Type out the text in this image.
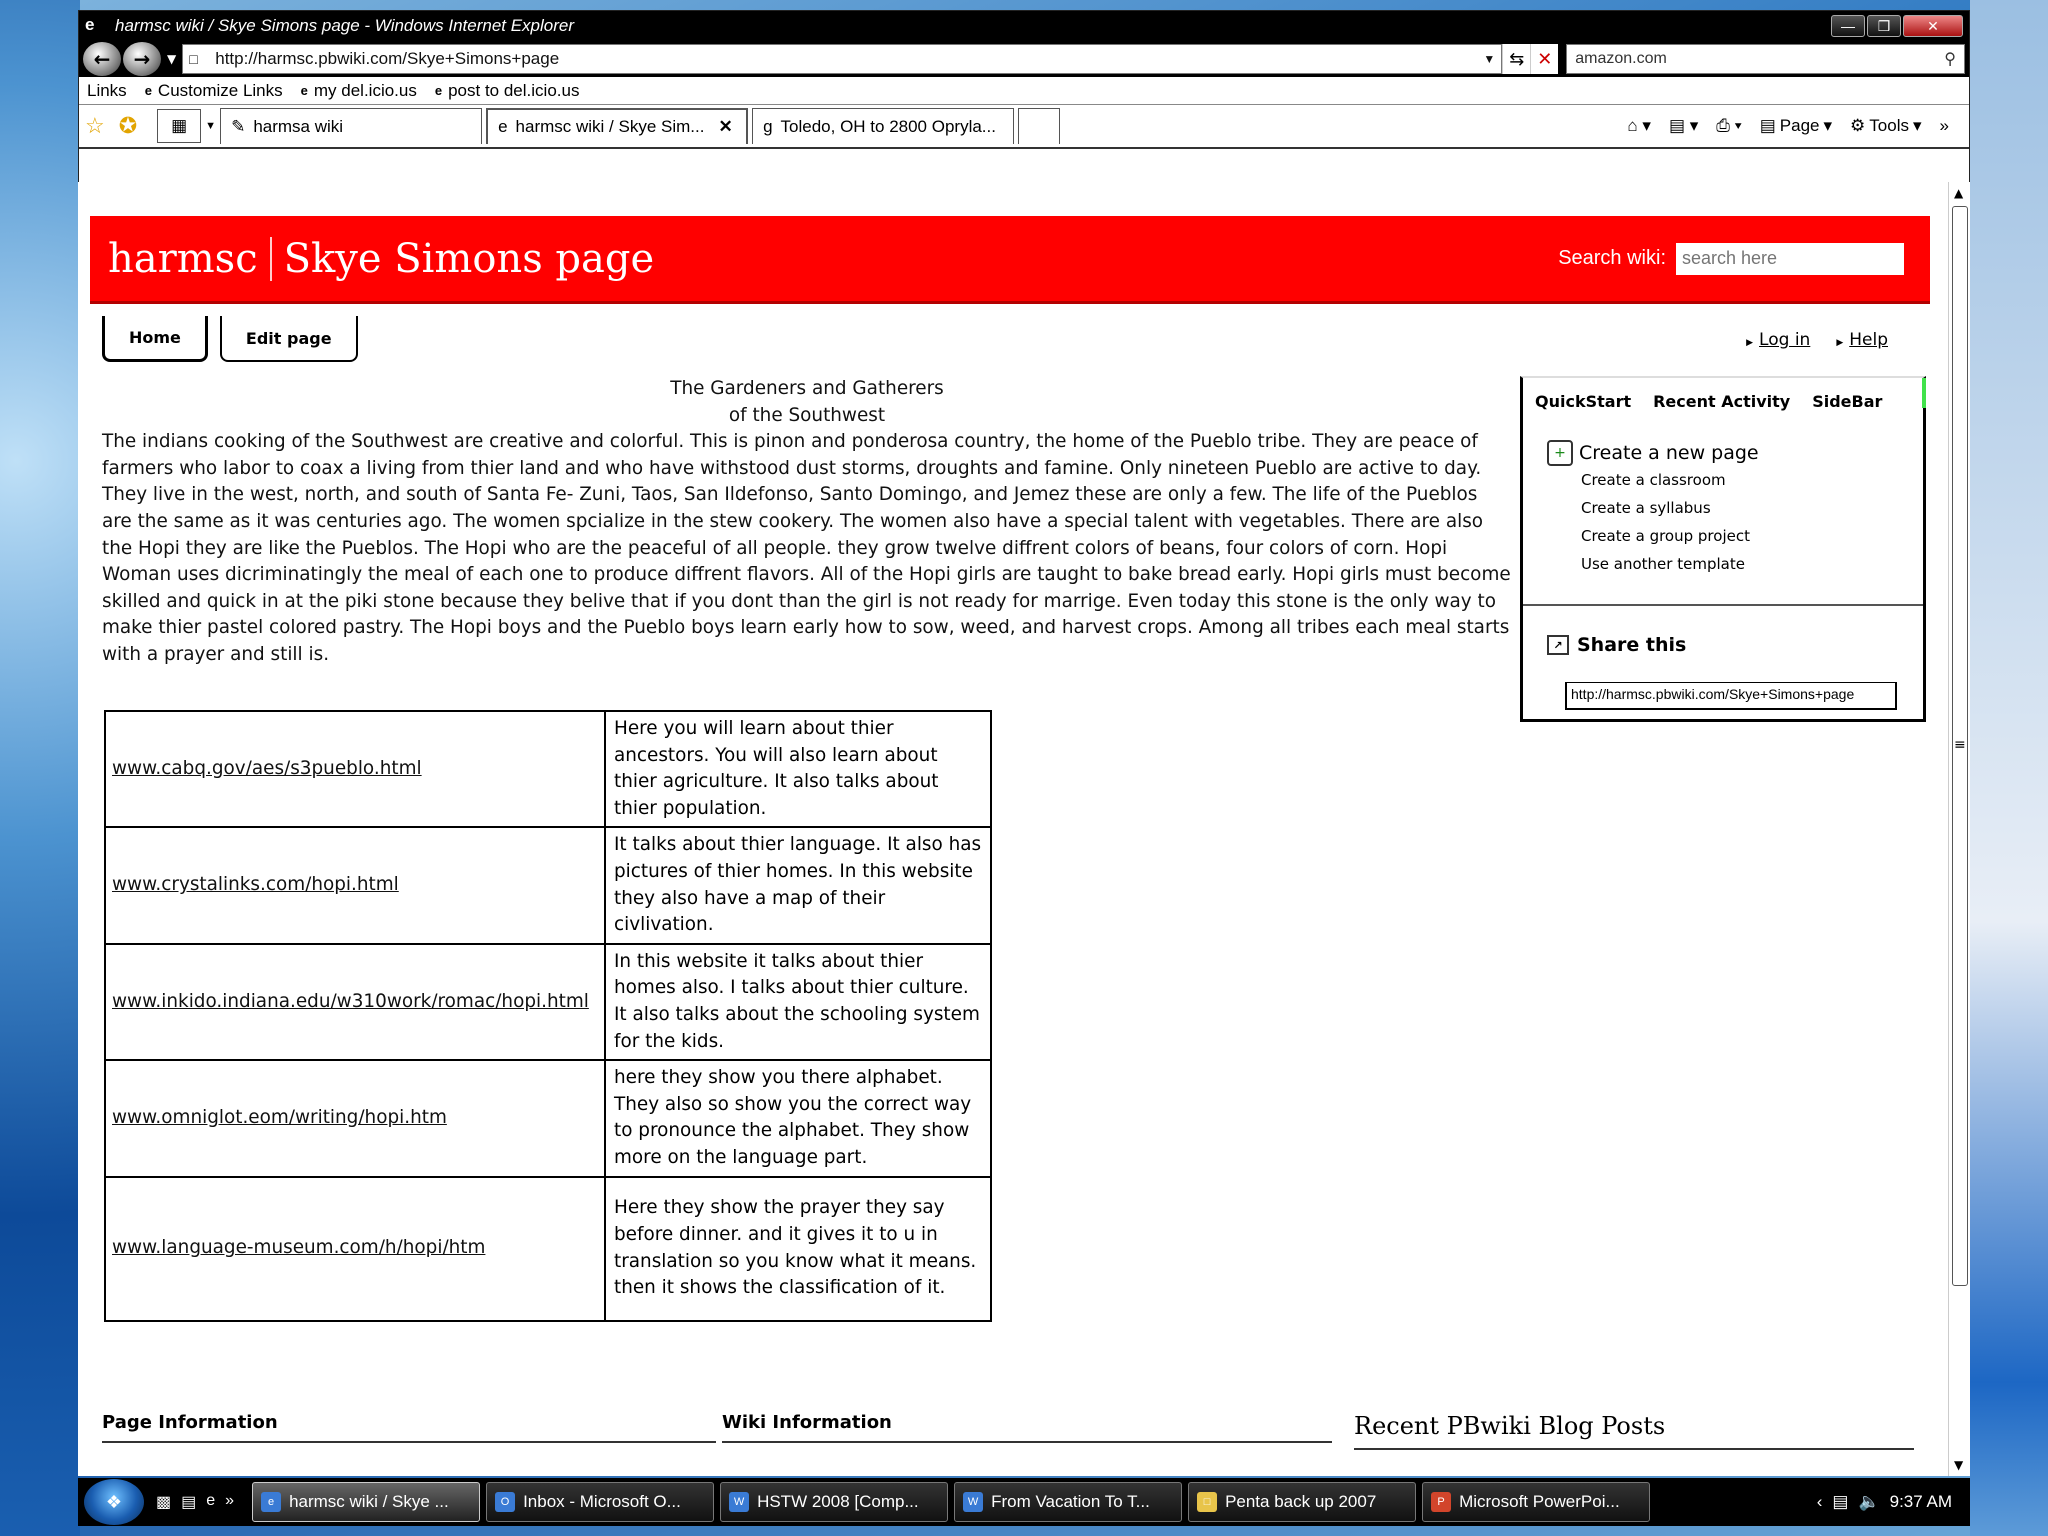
e	harmsc wiki / Skye Simons page - Windows Internet Explorer	—	❒	✕
←	→	▼ □	http://harmsc.pbwiki.com/Skye+Simons+page	▼ ⇆ ✕	amazon.com	⚲
Links e Customize Links e my del.icio.us e post to del.icio.us
☆ ✪	▦	▼ ✎ harmsa wiki	e harmsc wiki / Skye Sim... ✕ g Toledo, OH to 2800 Opryla...	⌂ ▾ ▤ ▾ ⎙ ▾ ▤ Page ▾ ⚙ Tools ▾ »
harmsc Skye Simons page	Search wiki:
search here
Home	Edit page	▶ Log in	▶ Help
The Gardeners and Gatherers
of the Southwest

The indians cooking of the Southwest are creative and colorful. This is pinon and ponderosa country, the home of the Pueblo tribe. They are peace of farmers who labor to coax a living from thier land and who have withstood dust storms, droughts and famine. Only nineteen Pueblo are active to day. They live in the west, north, and south of Santa Fe- Zuni, Taos, San Ildefonso, Santo Domingo, and Jemez these are only a few. The life of the Pueblos are the same as it was centuries ago. The women spcialize in the stew cookery. The women also have a special talent with vegetables. There are also the Hopi they are like the Pueblos. The Hopi who are the peaceful of all people. they grow twelve diffrent colors of beans, four colors of corn. Hopi Woman uses dicriminatingly the meal of each one to produce diffrent flavors. All of the Hopi girls are taught to bake bread early. Hopi girls must become skilled and quick in at the piki stone because they belive that if you dont than the girl is not ready for marrige. Even today this stone is the only way to make thier pastel colored pastry. The Hopi boys and the Pueblo boys learn early how to sow, weed, and harvest crops. Among all tribes each meal starts with a prayer and still is.

www.cabq.gov/aes/s3pueblo.html	Here you will learn about thier ancestors. You will also learn about thier agriculture. It also talks about thier population.
www.crystalinks.com/hopi.html	It talks about thier language. It also has pictures of thier homes. In this website they also have a map of their civlivation.
www.inkido.indiana.edu/w310work/romac/hopi.html	In this website it talks about thier homes also. I talks about thier culture. It also talks about the schooling system for the kids.
www.omniglot.eom/writing/hopi.htm	here they show you there alphabet. They also so show you the correct way to pronounce the alphabet. They show more on the language part.
www.language-museum.com/h/hopi/htm	Here they show the prayer they say before dinner. and it gives it to u in translation so you know what it means. then it shows the classification of it.
QuickStart Recent Activity SideBar
+ Create a new page
Create a classroom
Create a syllabus
Create a group project
Use another template
↗ Share this
http://harmsc.pbwiki.com/Skye+Simons+page
Page Information	Wiki Information	Recent PBwiki Blog Posts
▲
≡
▼
❖	▩ ▤ e »	e harmsc wiki / Skye ...	O Inbox - Microsoft O...	W HSTW 2008 [Comp...	W From Vacation To T...	□ Penta back up 2007	P Microsoft PowerPoi...	‹ ▤ 🔈 9:37 AM
